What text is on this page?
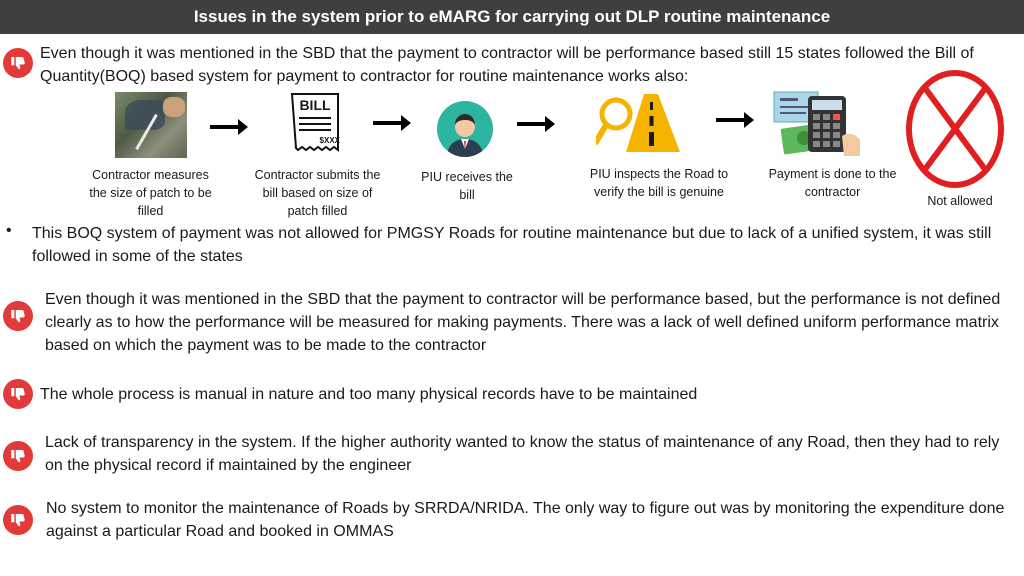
Issues in the system prior to eMARG for carrying out DLP routine maintenance
Even though it was mentioned in the SBD that the payment to contractor will be performance based still 15 states followed the Bill of Quantity(BOQ) based system for payment to contractor for routine maintenance works also:
Contractor measures the size of patch to be filled
BILL
$XXX
Contractor submits the bill based on size of patch filled
PIU receives the bill
PIU inspects the Road to verify the bill is genuine
Payment is done to the contractor
Not allowed
• This BOQ system of payment was not allowed for PMGSY Roads for routine maintenance but due to lack of a unified system, it was still followed in some of the states
Even though it was mentioned in the SBD that the payment to contractor will be performance based, but the performance is not defined clearly as to how the performance will be measured for making payments. There was a lack of well defined uniform performance matrix based on which the payment was to be made to the contractor
The whole process is manual in nature and too many physical records have to be maintained
Lack of transparency in the system. If the higher authority wanted to know the status of maintenance of any Road, then they had to rely on the physical record if maintained by the engineer
No system to monitor the maintenance of Roads by SRRDA/NRIDA. The only way to figure out was by monitoring the expenditure done against a particular Road and booked in OMMAS
